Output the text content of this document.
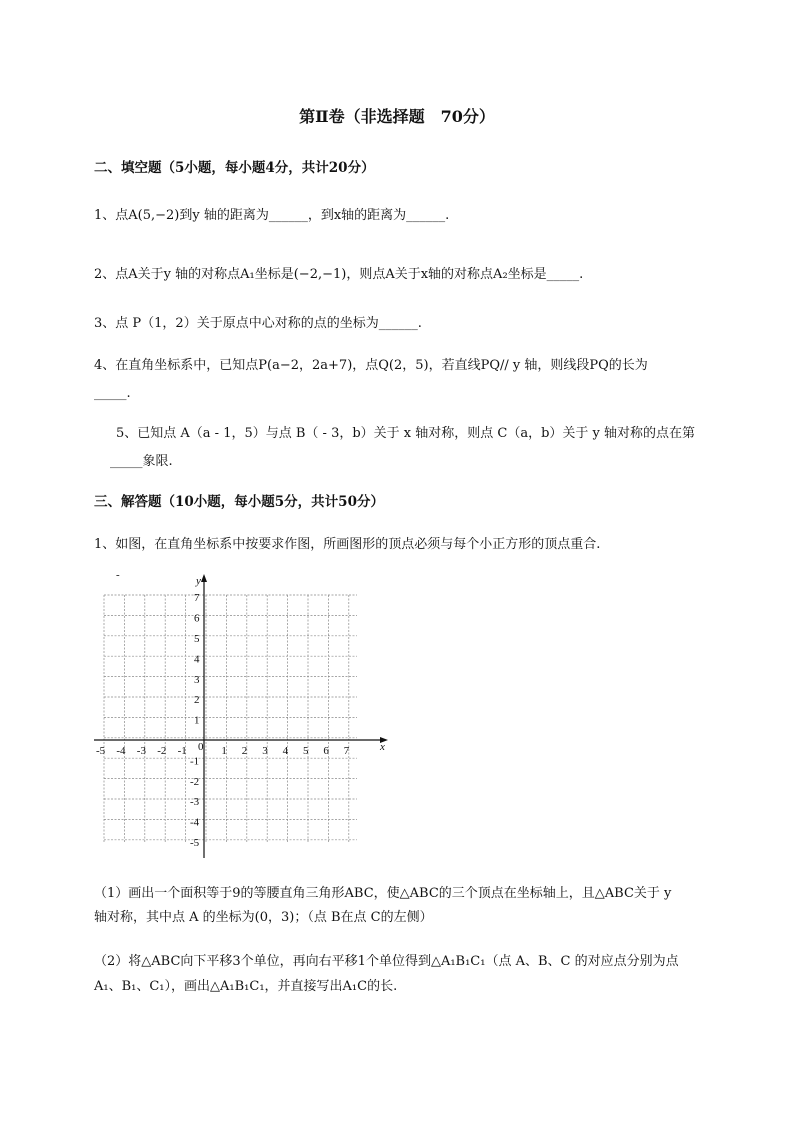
第Ⅱ卷（非选择题　70分）
二、填空题（5小题，每小题4分，共计20分）
1、点A(5,−2)到y 轴的距离为______，到x轴的距离为______.
2、点A关于y 轴的对称点A₁坐标是(−2,−1)，则点A关于x轴的对称点A₂坐标是_____.
3、点 P（1，2）关于原点中心对称的点的坐标为______.
4、在直角坐标系中，已知点P(a−2，2a+7)，点Q(2，5)，若直线PQ// y 轴，则线段PQ的长为
_____.
5、已知点 A（a - 1，5）与点 B（ - 3，b）关于 x 轴对称，则点 C（a，b）关于 y 轴对称的点在第
_____象限.
三、解答题（10小题，每小题5分，共计50分）
1、如图，在直角坐标系中按要求作图，所画图形的顶点必须与每个小正方形的顶点重合.
-5 -4 -3 -2 -1	1 2 3 4 5 6 7
7
6
5
4
3
2
1
-1
-2
-3
-4
-5
-	y
x
0
（1）画出一个面积等于9的等腰直角三角形ABC，使△ABC的三个顶点在坐标轴上，且△ABC关于 y
轴对称，其中点 A 的坐标为(0，3)；（点 B在点 C的左侧）
（2）将△ABC向下平移3个单位，再向右平移1个单位得到△A₁B₁C₁（点 A、B、C 的对应点分别为点
A₁、B₁、C₁），画出△A₁B₁C₁，并直接写出A₁C的长.
